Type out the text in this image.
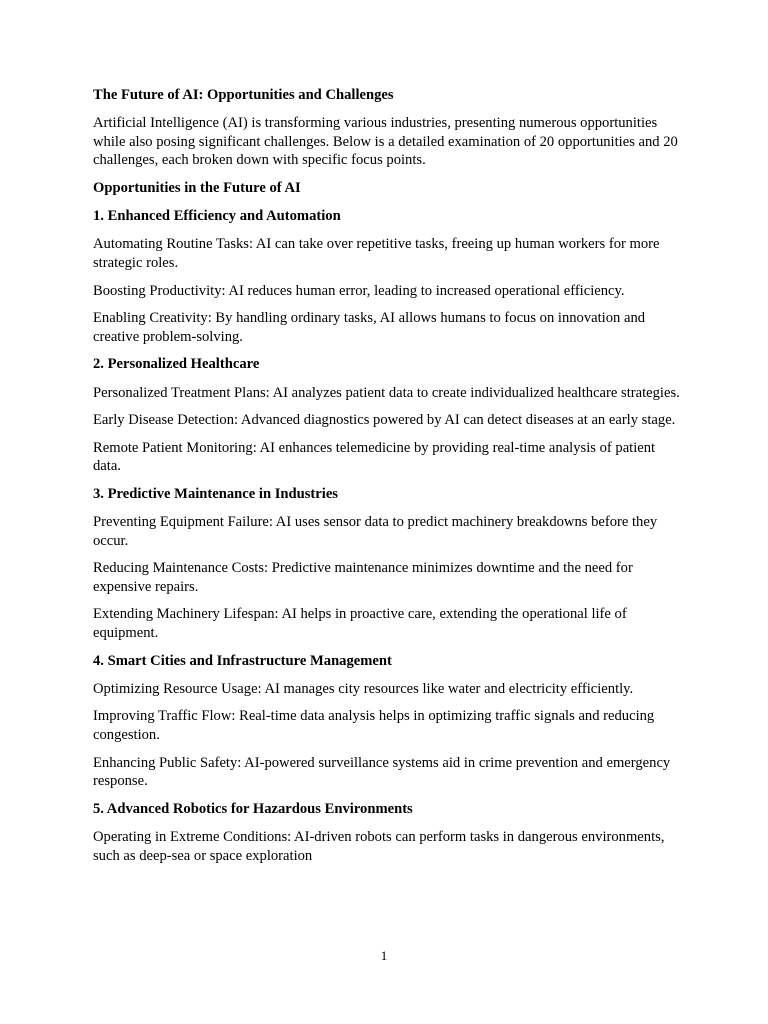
The Future of AI: Opportunities and Challenges

Artificial Intelligence (AI) is transforming various industries, presenting numerous opportunities while also posing significant challenges. Below is a detailed examination of 20 opportunities and 20 challenges, each broken down with specific focus points.

Opportunities in the Future of AI
1. Enhanced Efficiency and Automation

Automating Routine Tasks: AI can take over repetitive tasks, freeing up human workers for more strategic roles.

Boosting Productivity: AI reduces human error, leading to increased operational efficiency.

Enabling Creativity: By handling ordinary tasks, AI allows humans to focus on innovation and creative problem-solving.

2. Personalized Healthcare

Personalized Treatment Plans: AI analyzes patient data to create individualized healthcare strategies.

Early Disease Detection: Advanced diagnostics powered by AI can detect diseases at an early stage.

Remote Patient Monitoring: AI enhances telemedicine by providing real-time analysis of patient data.

3. Predictive Maintenance in Industries

Preventing Equipment Failure: AI uses sensor data to predict machinery breakdowns before they occur.

Reducing Maintenance Costs: Predictive maintenance minimizes downtime and the need for expensive repairs.

Extending Machinery Lifespan: AI helps in proactive care, extending the operational life of equipment.

4. Smart Cities and Infrastructure Management

Optimizing Resource Usage: AI manages city resources like water and electricity efficiently.

Improving Traffic Flow: Real-time data analysis helps in optimizing traffic signals and reducing congestion.

Enhancing Public Safety: AI-powered surveillance systems aid in crime prevention and emergency response.

5. Advanced Robotics for Hazardous Environments

Operating in Extreme Conditions: AI-driven robots can perform tasks in dangerous environments, such as deep-sea or space exploration

1
